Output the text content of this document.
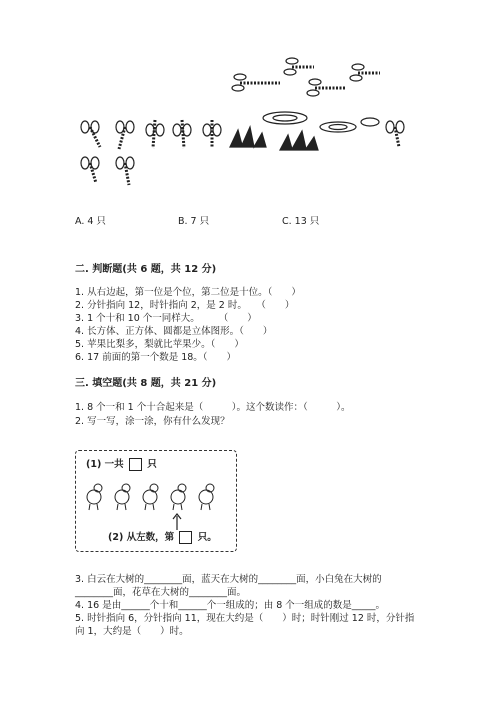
A. 4 只	B. 7 只	C. 13 只
二. 判断题(共 6 题，共 12 分)
1. 从右边起，第一位是个位，第二位是十位。（　　）
2. 分针指向 12，时针指向 2，是 2 时。　　（　　）
3. 1 个十和 10 个一同样大。　　　（　　）
4. 长方体、正方体、圆都是立体图形。（　　）
5. 苹果比梨多，梨就比苹果少。（　　）
6. 17 前面的第一个数是 18。（　　）
三. 填空题(共 8 题，共 21 分)
1. 8 个一和 1 个十合起来是（　　　）。这个数读作：（　　　）。
2. 写一写，涂一涂，你有什么发现？
(1) 一共 只
(2) 从左数，第 只。
3. 白云在大树的________面，蓝天在大树的________面，小白兔在大树的
________面，花草在大树的________面。
4. 16 是由______个十和______个一组成的；由 8 个一组成的数是_____。
5. 时针指向 6，分针指向 11，现在大约是（　　）时；时针刚过 12 时，分针指
向 1，大约是（　　）时。
